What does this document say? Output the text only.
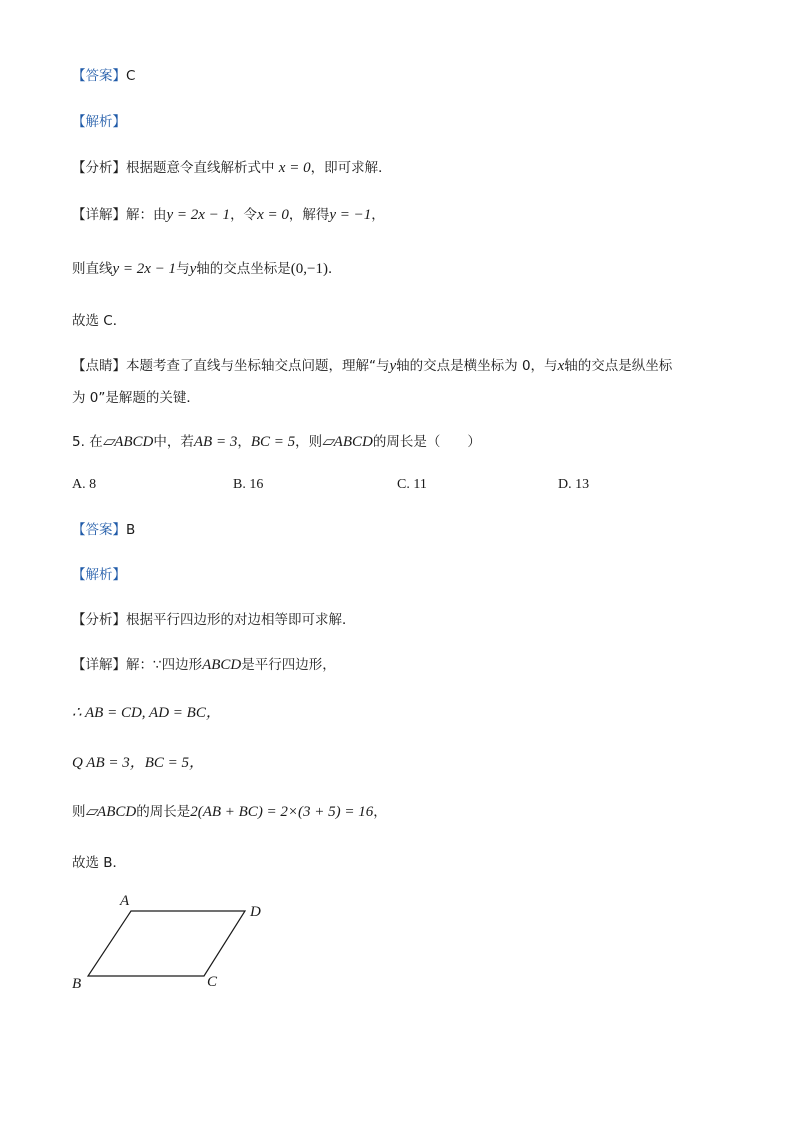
【答案】C
【解析】
【分析】根据题意令直线解析式中 x = 0，即可求解．
【详解】解：由y = 2x − 1，令x = 0，解得y = −1，
则直线y = 2x − 1与y轴的交点坐标是(0,−1)．
故选 C．
【点睛】本题考查了直线与坐标轴交点问题，理解“与y轴的交点是横坐标为 0，与x轴的交点是纵坐标
为 0”是解题的关键．
5. 在▱ABCD中，若AB = 3，BC = 5，则▱ABCD的周长是（　　）
A. 8	B. 16	C. 11	D. 13
【答案】B
【解析】
【分析】根据平行四边形的对边相等即可求解．
【详解】解：∵四边形ABCD是平行四边形，
∴ AB = CD, AD = BC，
Q AB = 3，BC = 5，
则▱ABCD的周长是2(AB + BC) = 2×(3 + 5) = 16，
故选 B．
A
D
B	C
